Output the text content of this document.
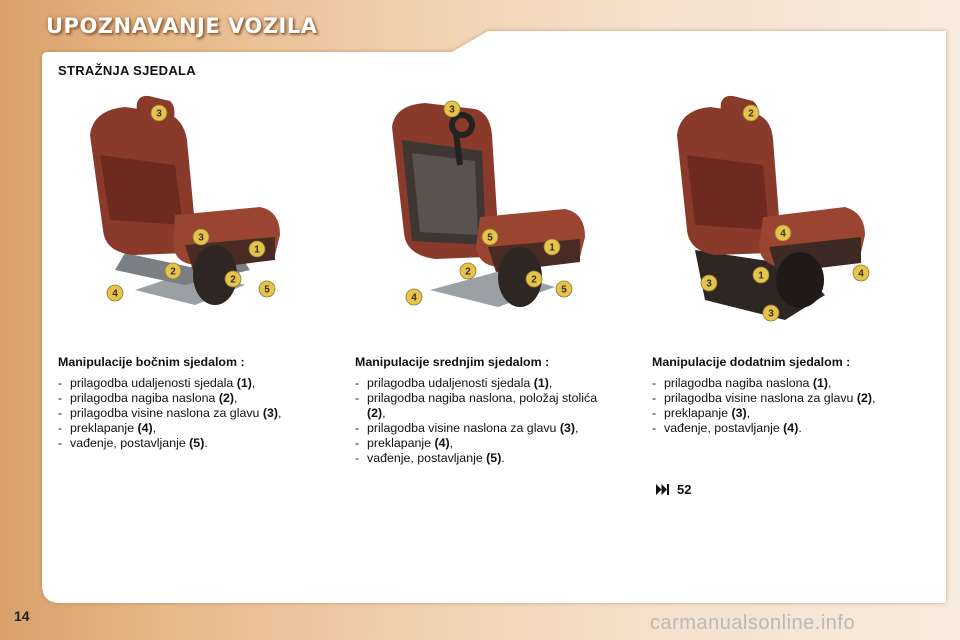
UPOZNAVANJE VOZILA
STRAŽNJA SJEDALA
3
3
1
2
2
4	5
3
5
1
2
2
4
5
2
4
1
3
3
4
Manipulacije bočnim sjedalom :
- prilagodba udaljenosti sjedala (1),
- prilagodba nagiba naslona (2),
- prilagodba visine naslona za glavu (3),
- preklapanje (4),
- vađenje, postavljanje (5).
Manipulacije srednjim sjedalom :
- prilagodba udaljenosti sjedala (1),
- prilagodba nagiba naslona, položaj stolića (2),
- prilagodba visine naslona za glavu (3),
- preklapanje (4),
- vađenje, postavljanje (5).
Manipulacije dodatnim sjedalom :
- prilagodba nagiba naslona (1),
- prilagodba visine naslona za glavu (2),
- preklapanje (3),
- vađenje, postavljanje (4).
52
14	carmanualsonline.info
